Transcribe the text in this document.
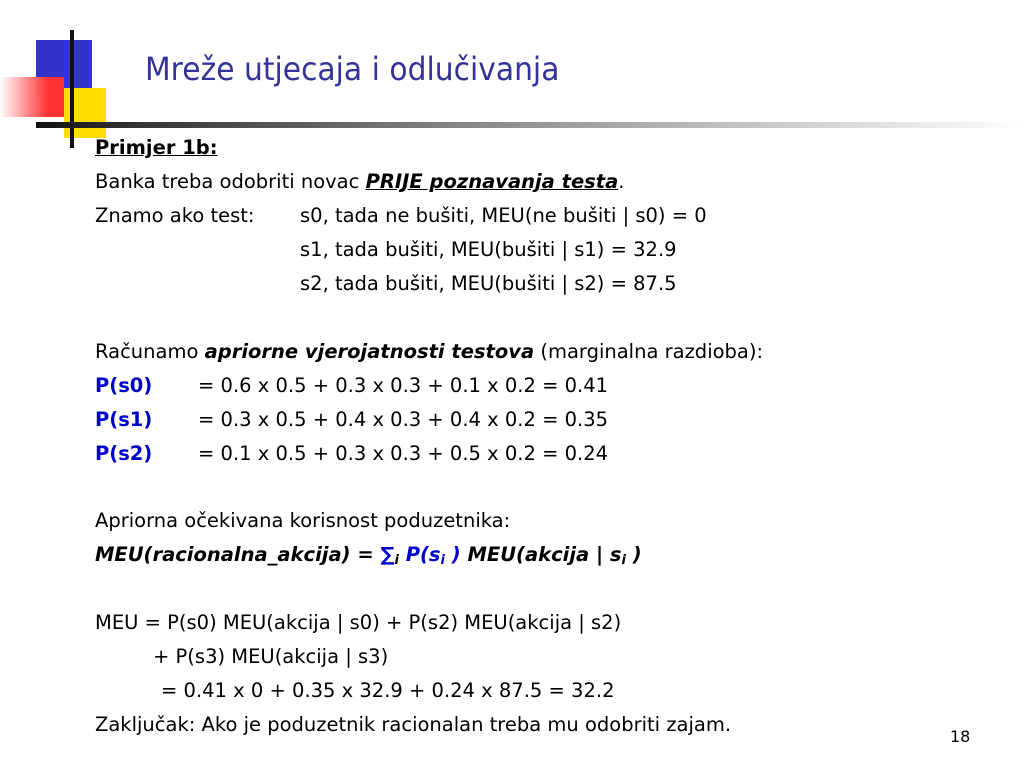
Mreže utjecaja i odlučivanja
Primjer 1b:
Banka treba odobriti novac PRIJE poznavanja testa.
Znamo ako test: s0, tada ne bušiti, MEU(ne bušiti | s0) = 0
s1, tada bušiti, MEU(bušiti | s1) = 32.9
s2, tada bušiti, MEU(bušiti | s2) = 87.5
Računamo apriorne vjerojatnosti testova (marginalna razdioba):
P(s0) = 0.6 x 0.5 + 0.3 x 0.3 + 0.1 x 0.2 = 0.41
P(s1) = 0.3 x 0.5 + 0.4 x 0.3 + 0.4 x 0.2 = 0.35
P(s2) = 0.1 x 0.5 + 0.3 x 0.3 + 0.5 x 0.2 = 0.24
Apriorna očekivana korisnost poduzetnika:
MEU(racionalna_akcija) = $\sum_i$ $P(s_i$ ) MEU(akcija | $s_i$ )
MEU = P(s0) MEU(akcija | s0) + P(s2) MEU(akcija | s2)
+ P(s3) MEU(akcija | s3)
= 0.41 x 0 + 0.35 x 32.9 + 0.24 x 87.5 = 32.2
Zaključak: Ako je poduzetnik racionalan treba mu odobriti zajam.
18
